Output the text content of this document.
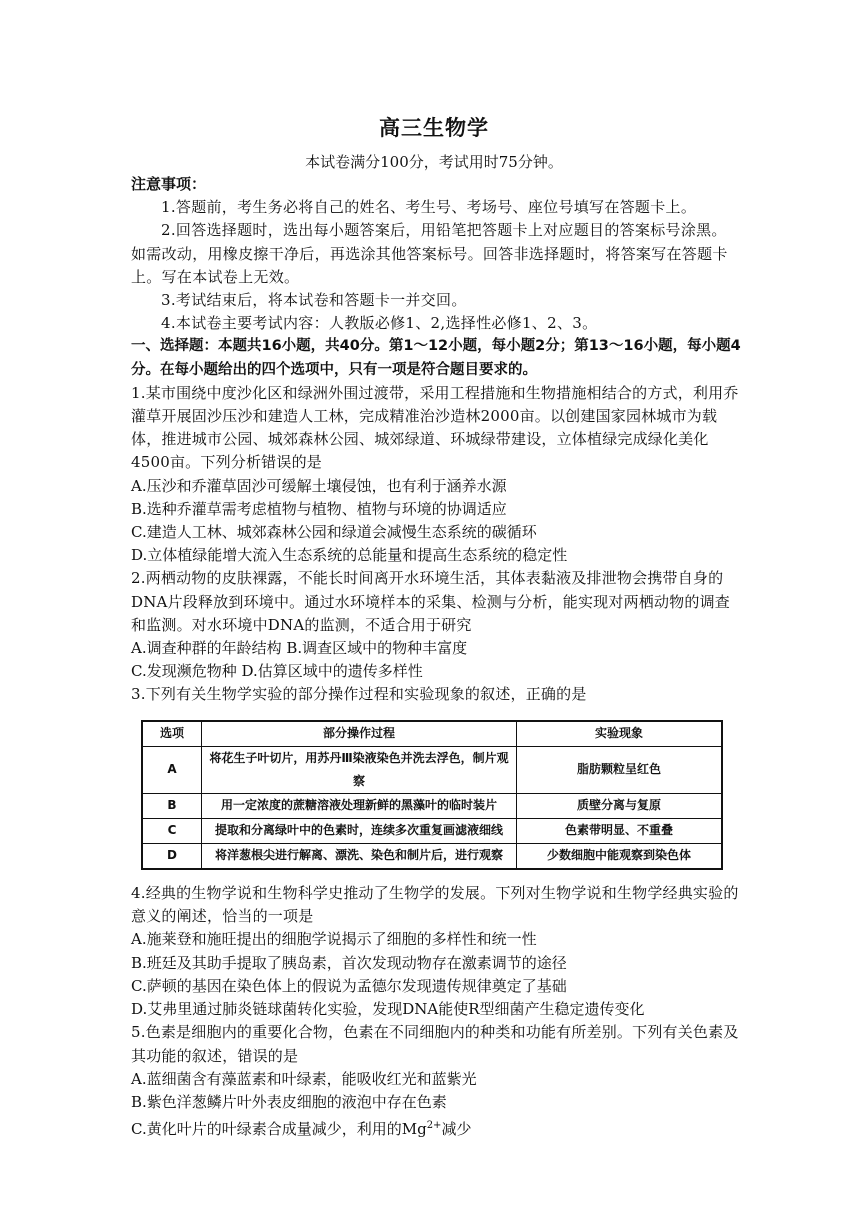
高三生物学
本试卷满分100分，考试用时75分钟。
注意事项：
1.答题前，考生务必将自己的姓名、考生号、考场号、座位号填写在答题卡上。
2.回答选择题时，选出每小题答案后，用铅笔把答题卡上对应题目的答案标号涂黑。如需改动，用橡皮擦干净后，再选涂其他答案标号。回答非选择题时，将答案写在答题卡上。写在本试卷上无效。
3.考试结束后，将本试卷和答题卡一并交回。
4.本试卷主要考试内容：人教版必修1、2,选择性必修1、2、3。
一、选择题：本题共16小题，共40分。第1～12小题，每小题2分；第13～16小题，每小题4分。在每小题给出的四个选项中，只有一项是符合题目要求的。
1.某市围绕中度沙化区和绿洲外围过渡带，采用工程措施和生物措施相结合的方式，利用乔灌草开展固沙压沙和建造人工林，完成精准治沙造林2000亩。以创建国家园林城市为载体，推进城市公园、城郊森林公园、城郊绿道、环城绿带建设，立体植绿完成绿化美化4500亩。下列分析错误的是
A.压沙和乔灌草固沙可缓解土壤侵蚀，也有利于涵养水源
B.选种乔灌草需考虑植物与植物、植物与环境的协调适应
C.建造人工林、城郊森林公园和绿道会减慢生态系统的碳循环
D.立体植绿能增大流入生态系统的总能量和提高生态系统的稳定性
2.两栖动物的皮肤裸露，不能长时间离开水环境生活，其体表黏液及排泄物会携带自身的DNA片段释放到环境中。通过水环境样本的采集、检测与分析，能实现对两栖动物的调查和监测。对水环境中DNA的监测，不适合用于研究
A.调查种群的年龄结构 B.调查区域中的物种丰富度
C.发现濒危物种 D.估算区域中的遗传多样性
3.下列有关生物学实验的部分操作过程和实验现象的叙述，正确的是
选项	部分操作过程	实验现象
A	将花生子叶切片，用苏丹Ⅲ染液染色并洗去浮色，制片观察	脂肪颗粒呈红色
B	用一定浓度的蔗糖溶液处理新鲜的黑藻叶的临时装片	质壁分离与复原
C	提取和分离绿叶中的色素时，连续多次重复画滤液细线	色素带明显、不重叠
D	将洋葱根尖进行解离、漂洗、染色和制片后，进行观察	少数细胞中能观察到染色体
4.经典的生物学说和生物科学史推动了生物学的发展。下列对生物学说和生物学经典实验的意义的阐述，恰当的一项是
A.施莱登和施旺提出的细胞学说揭示了细胞的多样性和统一性
B.班廷及其助手提取了胰岛素，首次发现动物存在激素调节的途径
C.萨顿的基因在染色体上的假说为孟德尔发现遗传规律奠定了基础
D.艾弗里通过肺炎链球菌转化实验，发现DNA能使R型细菌产生稳定遗传变化
5.色素是细胞内的重要化合物，色素在不同细胞内的种类和功能有所差别。下列有关色素及其功能的叙述，错误的是
A.蓝细菌含有藻蓝素和叶绿素，能吸收红光和蓝紫光
B.紫色洋葱鳞片叶外表皮细胞的液泡中存在色素
C.黄化叶片的叶绿素合成量减少，利用的$Mg^{2+}$减少
